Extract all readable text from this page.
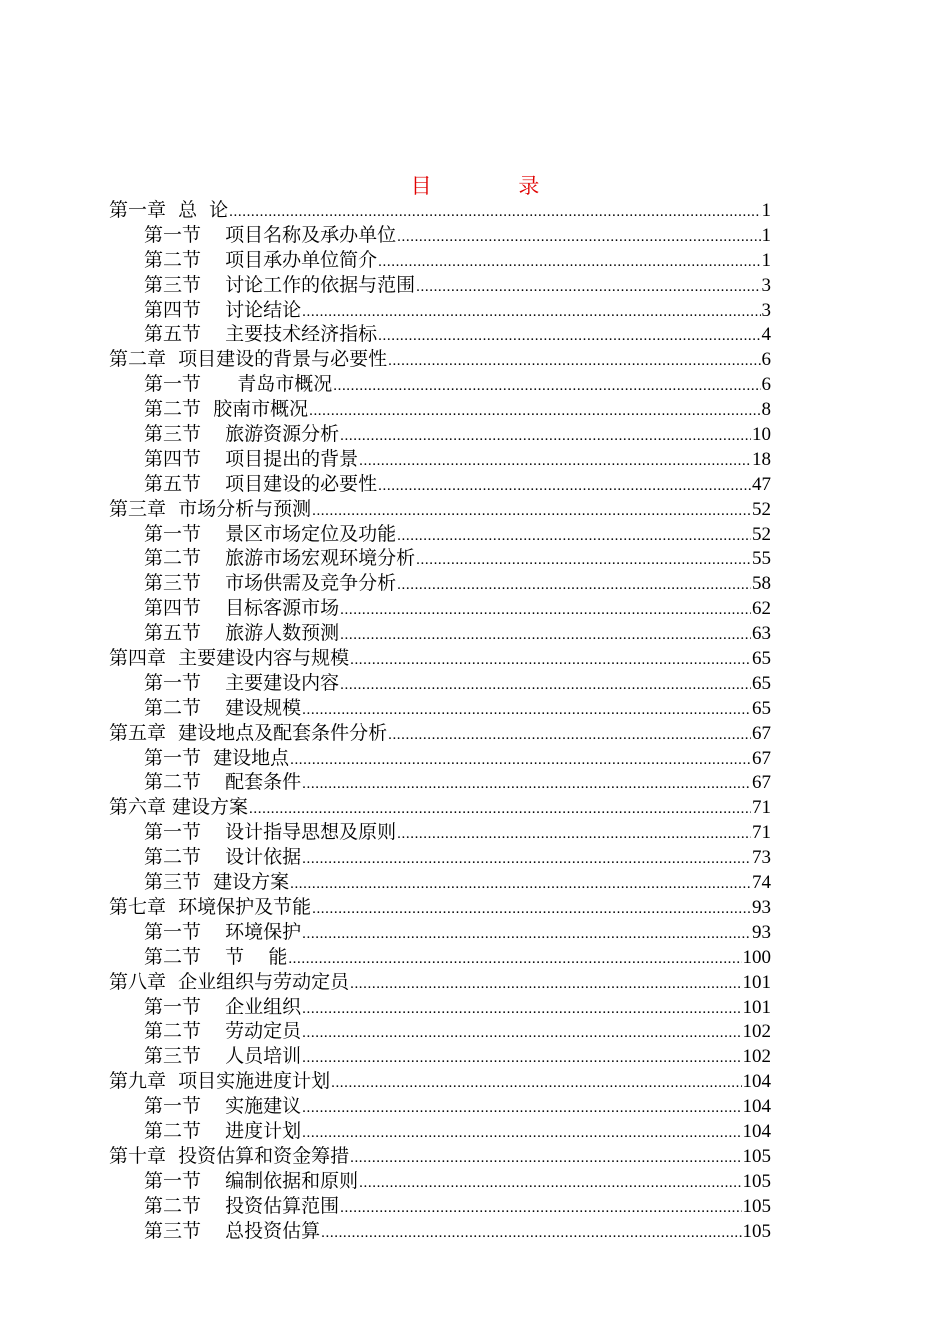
目 录
第一章  总  论 .....	1
第一节    项目名称及承办单位 .....	1
第二节    项目承办单位简介 .....	1
第三节    讨论工作的依据与范围 .....	3
第四节    讨论结论 .....	3
第五节    主要技术经济指标 .....	4
第二章  项目建设的背景与必要性 .....	6
第一节      青岛市概况 .....	6
第二节  胶南市概况 .....	8
第三节    旅游资源分析 .....	10
第四节    项目提出的背景 .....	18
第五节    项目建设的必要性 .....	47
第三章  市场分析与预测 .....	52
第一节    景区市场定位及功能 .....	52
第二节    旅游市场宏观环境分析 .....	55
第三节    市场供需及竞争分析 .....	58
第四节    目标客源市场 .....	62
第五节    旅游人数预测 .....	63
第四章  主要建设内容与规模 .....	65
第一节    主要建设内容 .....	65
第二节    建设规模 .....	65
第五章  建设地点及配套条件分析 .....	67
第一节  建设地点 .....	67
第二节    配套条件 .....	67
第六章 建设方案 .....	71
第一节    设计指导思想及原则 .....	71
第二节    设计依据 .....	73
第三节  建设方案 .....	74
第七章  环境保护及节能 .....	93
第一节    环境保护 .....	93
第二节    节    能 .....	100
第八章  企业组织与劳动定员 .....	101
第一节    企业组织 .....	101
第二节    劳动定员 .....	102
第三节    人员培训 .....	102
第九章  项目实施进度计划 .....	104
第一节    实施建议 .....	104
第二节    进度计划 .....	104
第十章  投资估算和资金筹措 .....	105
第一节    编制依据和原则 .....	105
第二节    投资估算范围 .....	105
第三节    总投资估算 .....	105
